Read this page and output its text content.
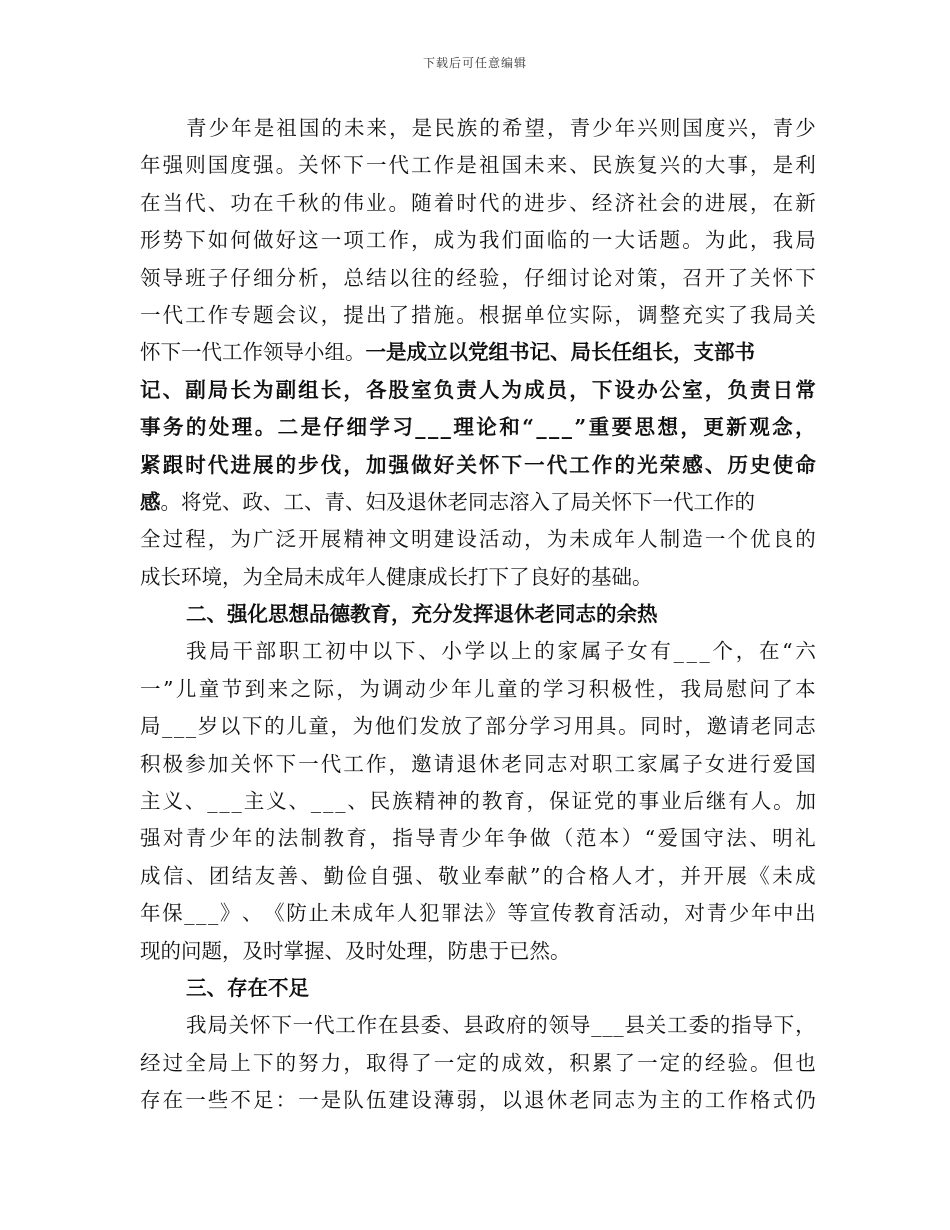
下载后可任意编辑
青 少 年 是 祖 国 的 未 来 ， 是 民 族 的 希 望 ， 青 少 年 兴 则 国 度 兴 ， 青 少
年 强 则 国 度 强 。 关 怀 下 一 代 工 作 是 祖 国 未 来 、 民 族 复 兴 的 大 事 ， 是 利
在 当 代 、 功 在 千 秋 的 伟 业 。 随 着 时 代 的 进 步 、 经 济 社 会 的 进 展 ， 在 新
形 势 下 如 何 做 好 这 一 项 工 作 ， 成 为 我 们 面 临 的 一 大 话 题 。 为 此 ， 我 局
领 导 班 子 仔 细 分 析 ， 总 结 以 往 的 经 验 ， 仔 细 讨 论 对 策 ， 召 开 了 关 怀 下
一 代 工 作 专 题 会 议 ， 提 出 了 措 施 。 根 据 单 位 实 际 ， 调 整 充 实 了 我 局 关
怀下一代工作领导小组。一是成立以党组书记、局长任组长，支部书
记 、 副 局 长 为 副 组 长 ， 各 股 室 负 责 人 为 成 员 ， 下 设 办 公 室 ， 负 责 日 常
事 务 的 处 理 。 二 是 仔 细 学 习 _ _ _ 理 论 和 “ _ _ _ ” 重 要 思 想 ， 更 新 观 念 ，
紧 跟 时 代 进 展 的 步 伐 ， 加 强 做 好 关 怀 下 一 代 工 作 的 光 荣 感 、 历 史 使 命
感。将党、政、工、青、妇及退休老同志溶入了局关怀下一代工作的
全 过 程 ， 为 广 泛 开 展 精 神 文 明 建 设 活 动 ， 为 未 成 年 人 制 造 一 个 优 良 的
成长环境，为全局未成年人健康成长打下了良好的基础。
二、强化思想品德教育，充分发挥退休老同志的余热
我 局 干 部 职 工 初 中 以 下 、 小 学 以 上 的 家 属 子 女 有 _ _ _ 个 ， 在 “ 六
一 ” 儿 童 节 到 来 之 际 ， 为 调 动 少 年 儿 童 的 学 习 积 极 性 ， 我 局 慰 问 了 本
局 _ _ _ 岁 以 下 的 儿 童 ， 为 他 们 发 放 了 部 分 学 习 用 具 。 同 时 ， 邀 请 老 同 志
积 极 参 加 关 怀 下 一 代 工 作 ， 邀 请 退 休 老 同 志 对 职 工 家 属 子 女 进 行 爱 国
主 义 、 _ _ _ 主 义 、 _ _ _ 、 民 族 精 神 的 教 育 ， 保 证 党 的 事 业 后 继 有 人 。 加
强 对 青 少 年 的 法 制 教 育 ， 指 导 青 少 年 争 做 （ 范 本 ） “ 爱 国 守 法 、 明 礼
成 信 、 团 结 友 善 、 勤 俭 自 强 、 敬 业 奉 献 ” 的 合 格 人 才 ， 并 开 展 《 未 成
年 保 _ _ _ 》 、 《 防 止 未 成 年 人 犯 罪 法 》 等 宣 传 教 育 活 动 ， 对 青 少 年 中 出
现的问题，及时掌握、及时处理，防患于已然。
三、存在不足
我 局 关 怀 下 一 代 工 作 在 县 委 、 县 政 府 的 领 导 _ _ _ 县 关 工 委 的 指 导 下 ，
经 过 全 局 上 下 的 努 力 ， 取 得 了 一 定 的 成 效 ， 积 累 了 一 定 的 经 验 。 但 也
存 在 一 些 不 足 ： 一 是 队 伍 建 设 薄 弱 ， 以 退 休 老 同 志 为 主 的 工 作 格 式 仍
